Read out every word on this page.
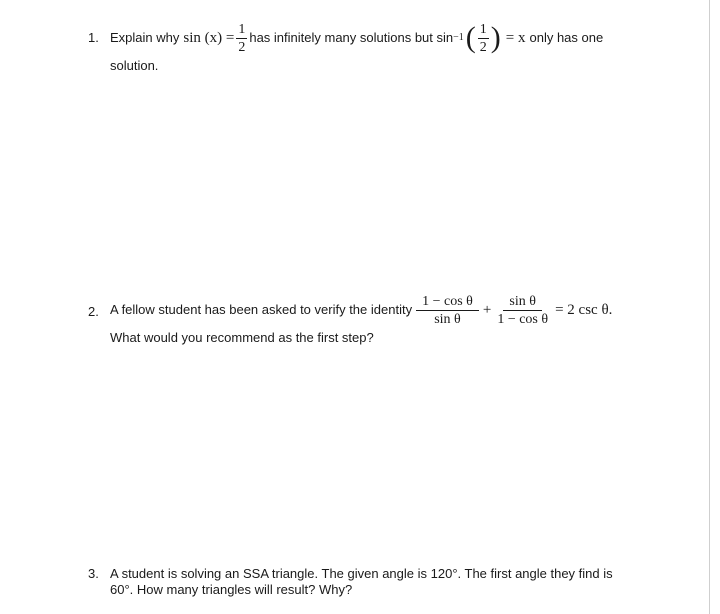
1. Explain why $\sin (x) = \frac{1}{2}$ has infinitely many solutions but sin −1 ( $\frac{1}{2}$ ) = x only has one
solution.
2. A fellow student has been asked to verify the identity $\frac{\text{1 − cos θ}}{\text{sin θ}} + \frac{\text{sin θ}}{\text{1 − cos θ}} = 2$ csc θ.
What would you recommend as the first step?
3. A student is solving an SSA triangle. The given angle is 120°. The first angle they find is
60°. How many triangles will result? Why?
